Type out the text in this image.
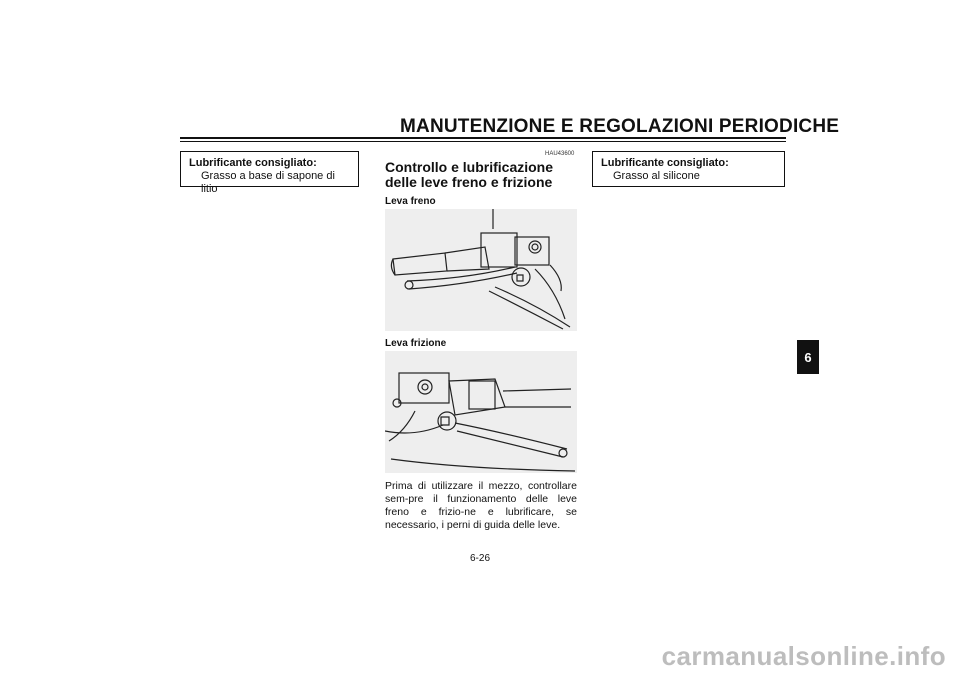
MANUTENZIONE E REGOLAZIONI PERIODICHE
Lubrificante consigliato:
Grasso a base di sapone di litio
HAU43600
Controllo e lubrificazione delle leve freno e frizione
Leva freno
Leva frizione
Prima di utilizzare il mezzo, controllare sem-pre il funzionamento delle leve freno e frizio-ne e lubrificare, se necessario, i perni di guida delle leve.
Lubrificante consigliato:
Grasso al silicone
6-26
6
carmanualsonline.info
